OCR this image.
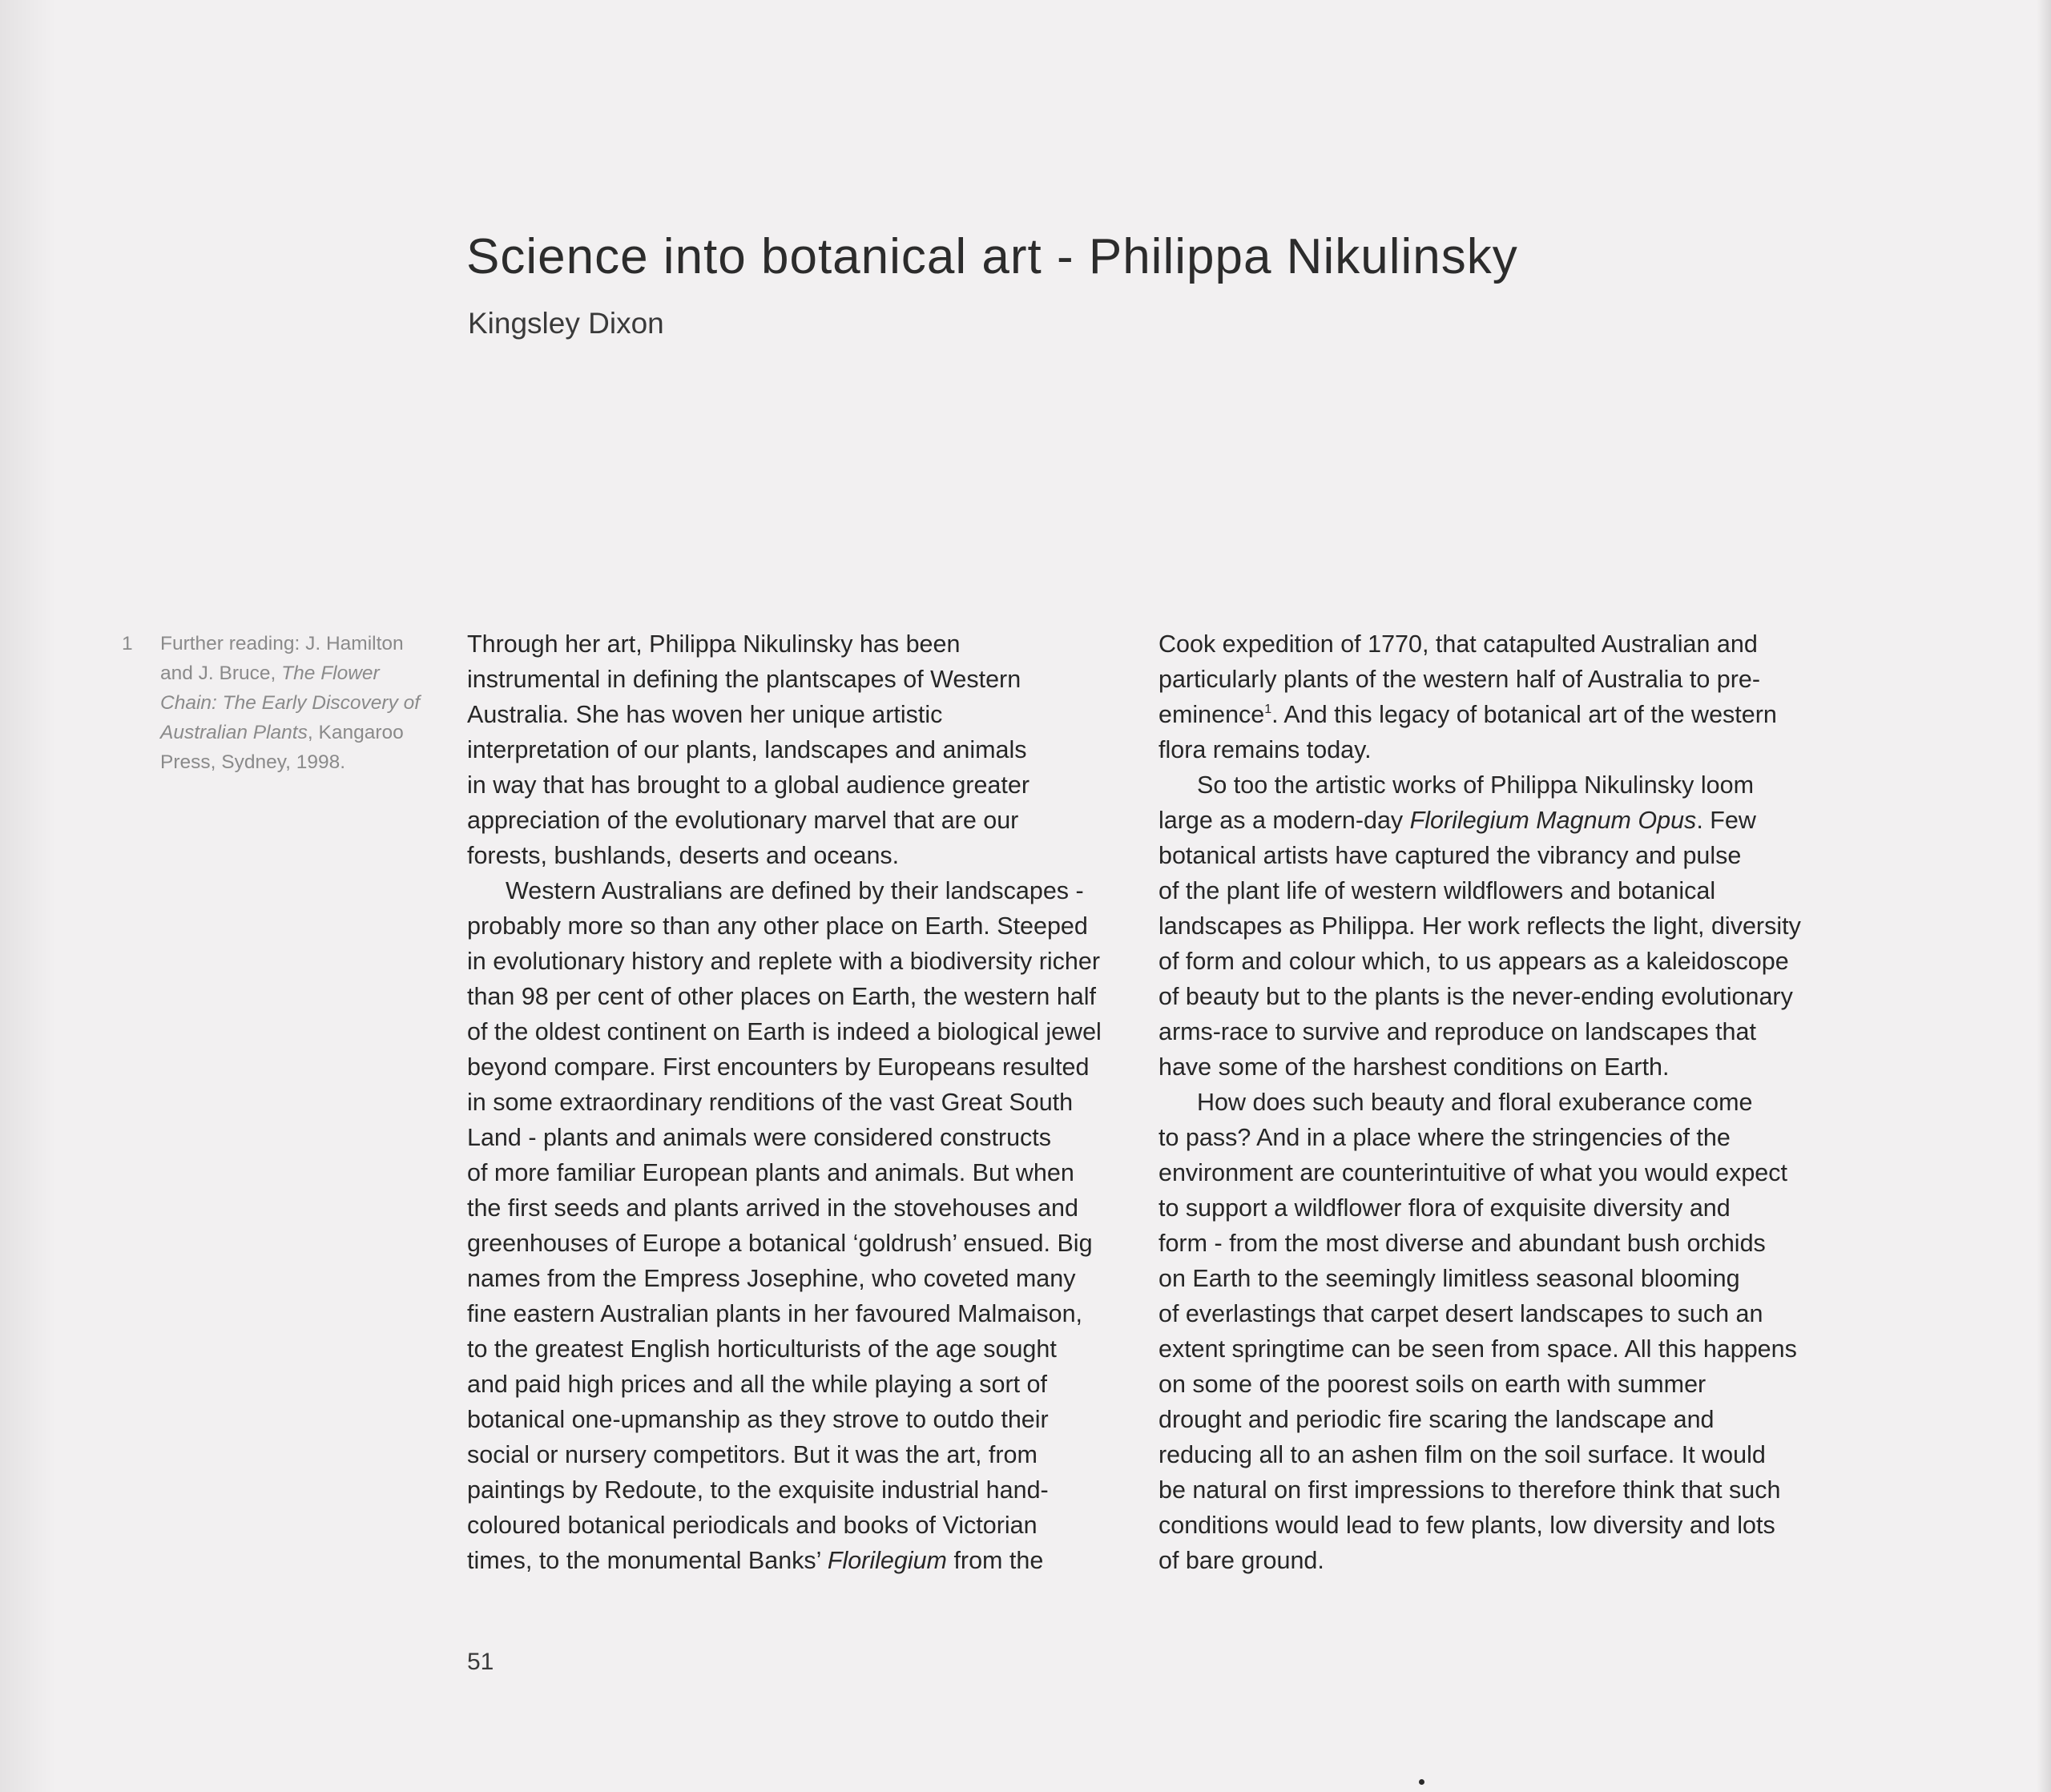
Science into botanical art - Philippa Nikulinsky
Kingsley Dixon
1 Further reading: J. Hamilton
and J. Bruce, The Flower
Chain: The Early Discovery of
Australian Plants, Kangaroo
Press, Sydney, 1998.
Through her art, Philippa Nikulinsky has been
instrumental in defining the plantscapes of Western
Australia. She has woven her unique artistic
interpretation of our plants, landscapes and animals
in way that has brought to a global audience greater
appreciation of the evolutionary marvel that are our
forests, bushlands, deserts and oceans.
Western Australians are defined by their landscapes -
probably more so than any other place on Earth. Steeped
in evolutionary history and replete with a biodiversity richer
than 98 per cent of other places on Earth, the western half
of the oldest continent on Earth is indeed a biological jewel
beyond compare. First encounters by Europeans resulted
in some extraordinary renditions of the vast Great South
Land - plants and animals were considered constructs
of more familiar European plants and animals. But when
the first seeds and plants arrived in the stovehouses and
greenhouses of Europe a botanical ‘goldrush’ ensued. Big
names from the Empress Josephine, who coveted many
fine eastern Australian plants in her favoured Malmaison,
to the greatest English horticulturists of the age sought
and paid high prices and all the while playing a sort of
botanical one-upmanship as they strove to outdo their
social or nursery competitors. But it was the art, from
paintings by Redoute, to the exquisite industrial hand-
coloured botanical periodicals and books of Victorian
times, to the monumental Banks’ Florilegium from the
Cook expedition of 1770, that catapulted Australian and
particularly plants of the western half of Australia to pre-
eminence$^1$. And this legacy of botanical art of the western
flora remains today.
So too the artistic works of Philippa Nikulinsky loom
large as a modern-day Florilegium Magnum Opus. Few
botanical artists have captured the vibrancy and pulse
of the plant life of western wildflowers and botanical
landscapes as Philippa. Her work reflects the light, diversity
of form and colour which, to us appears as a kaleidoscope
of beauty but to the plants is the never-ending evolutionary
arms-race to survive and reproduce on landscapes that
have some of the harshest conditions on Earth.
How does such beauty and floral exuberance come
to pass? And in a place where the stringencies of the
environment are counterintuitive of what you would expect
to support a wildflower flora of exquisite diversity and
form - from the most diverse and abundant bush orchids
on Earth to the seemingly limitless seasonal blooming
of everlastings that carpet desert landscapes to such an
extent springtime can be seen from space. All this happens
on some of the poorest soils on earth with summer
drought and periodic fire scaring the landscape and
reducing all to an ashen film on the soil surface. It would
be natural on first impressions to therefore think that such
conditions would lead to few plants, low diversity and lots
of bare ground.
51
